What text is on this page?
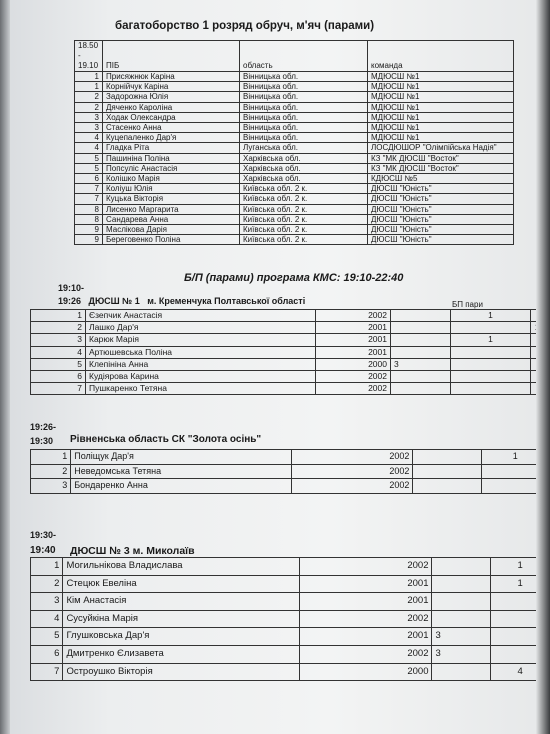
багатоборство 1 розряд обруч, м'яч (парами)
18.50 -
19.10	ПІБ	область	команда
1	Присяжнюк Каріна	Вінницька обл.	МДЮСШ №1
1	Корнійчук Каріна	Вінницька обл.	МДЮСШ №1
2	Задорожна Юлія	Вінницька обл.	МДЮСШ №1
2	Дяченко Кароліна	Вінницька обл.	МДЮСШ №1
3	Ходак Олександра	Вінницька обл.	МДЮСШ №1
3	Стасенко Анна	Вінницька обл.	МДЮСШ №1
4	Куцепаленко Дар'я	Вінницька обл.	МДЮСШ №1
4	Гладка Ріта	Луганська обл.	ЛОСДЮШОР "Олімпійська Надія"
5	Пашиніна Поліна	Харківська обл.	КЗ "МК ДЮСШ "Восток"
5	Попсуліс Анастасія	Харківська обл.	КЗ "МК ДЮСШ "Восток"
6	Колішко Марія	Харківська обл.	КДЮСШ №5
7	Коліуш Юлія	Київська обл. 2 к.	ДЮСШ "Юність"
7	Куцька Вікторія	Київська обл. 2 к.	ДЮСШ "Юність"
8	Лисенко Маргарита	Київська обл. 2 к.	ДЮСШ "Юність"
8	Сандарева Анна	Київська обл. 2 к.	ДЮСШ "Юність"
9	Маслікова Дарія	Київська обл. 2 к.	ДЮСШ "Юність"
9	Береговенко Поліна	Київська обл. 2 к.	ДЮСШ "Юність"
Б/П (парами) програма КМС: 19:10-22:40
19:10-
19:26 ДЮСШ № 1 м. Кременчука Полтавської області	БП пари
1	Єзепчик Анастасія	2002		1	
2	Лашко Дар'я	2001			
3	Карюк Марія	2001		1	
4	Артюшевська Поліна	2001			
5	Клепініна Анна	2000	3		
6	Кудіярова Карина	2002			
7	Пушкаренко Тетяна	2002			
19:26-
19:30 Рівненська область СК "Золота осінь"
1	Поліщук Дар'я	2002		1
2	Неведомська Тетяна	2002		
3	Бондаренко Анна	2002		
19:30-
19:40 ДЮСШ № 3 м. Миколаїв
1	Могильнікова Владислава	2002		1
2	Стецюк Евеліна	2001		1
3	Кім Анастасія	2001		
4	Сусуйкіна Марія	2002		
5	Глушковська Дар'я	2001	3	
6	Дмитренко Єлизавета	2002	3	
7	Остроушко Вікторія	2000		4
